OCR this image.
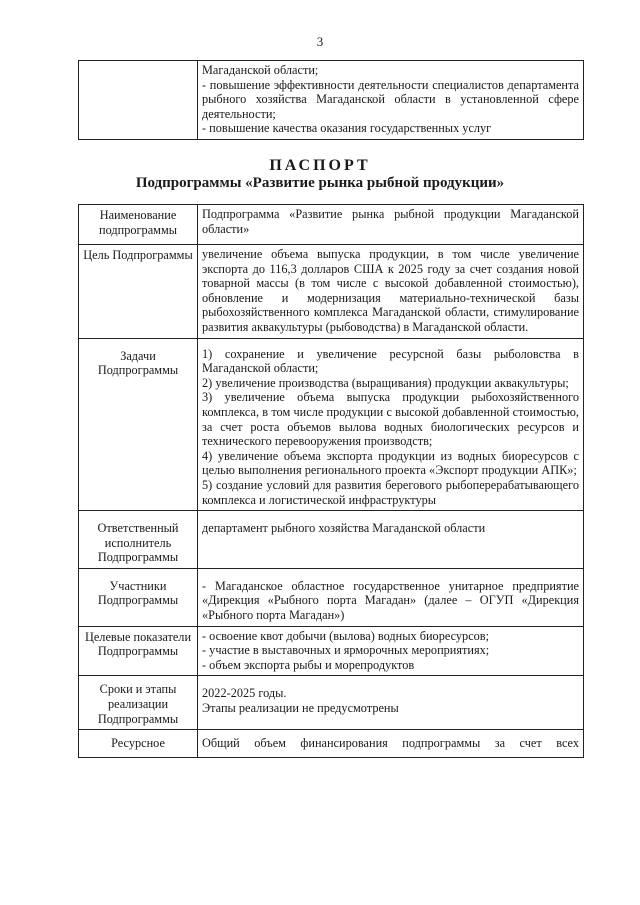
3

Магаданской области;
- повышение эффективности деятельности специалистов департамента рыбного хозяйства Магаданской области в установленной сфере деятельности;
- повышение качества оказания государственных услуг
ПАСПОРТ
Подпрограммы «Развитие рынка рыбной продукции»
Наименование подпрограммы	Подпрограмма «Развитие рынка рыбной продукции Магаданской области»

Цель Подпрограммы	увеличение объема выпуска продукции, в том числе увеличение экспорта до 116,3 долларов США к 2025 году за счет создания новой товарной массы (в том числе с высокой добавленной стоимостью), обновление и модернизация материально-технической базы рыбохозяйственного комплекса Магаданской области, стимулирование развития аквакультуры (рыбоводства) в Магаданской области.

Задачи Подпрограммы	1) сохранение и увеличение ресурсной базы рыболовства в Магаданской области;
2) увеличение производства (выращивания) продукции аквакультуры;
3) увеличение объема выпуска продукции рыбохозяйственного комплекса, в том числе продукции с высокой добавленной стоимостью, за счет роста объемов вылова водных биологических ресурсов и технического перевооружения производств;
4) увеличение объема экспорта продукции из водных биоресурсов с целью выполнения регионального проекта «Экспорт продукции АПК»;
5) создание условий для развития берегового рыбоперерабатывающего комплекса и логистической инфраструктуры

Ответственный исполнитель Подпрограммы	департамент рыбного хозяйства Магаданской области

Участники Подпрограммы	- Магаданское областное государственное унитарное предприятие «Дирекция «Рыбного порта Магадан» (далее – ОГУП «Дирекция «Рыбного порта Магадан»)

Целевые показатели Подпрограммы	- освоение квот добычи (вылова) водных биоресурсов;
- участие в выставочных и ярморочных мероприятиях;
- объем экспорта рыбы и морепродуктов

Сроки и этапы реализации Подпрограммы	2022-2025 годы.
Этапы реализации не предусмотрены

Ресурсное	Общий объем финансирования подпрограммы за счет всех
